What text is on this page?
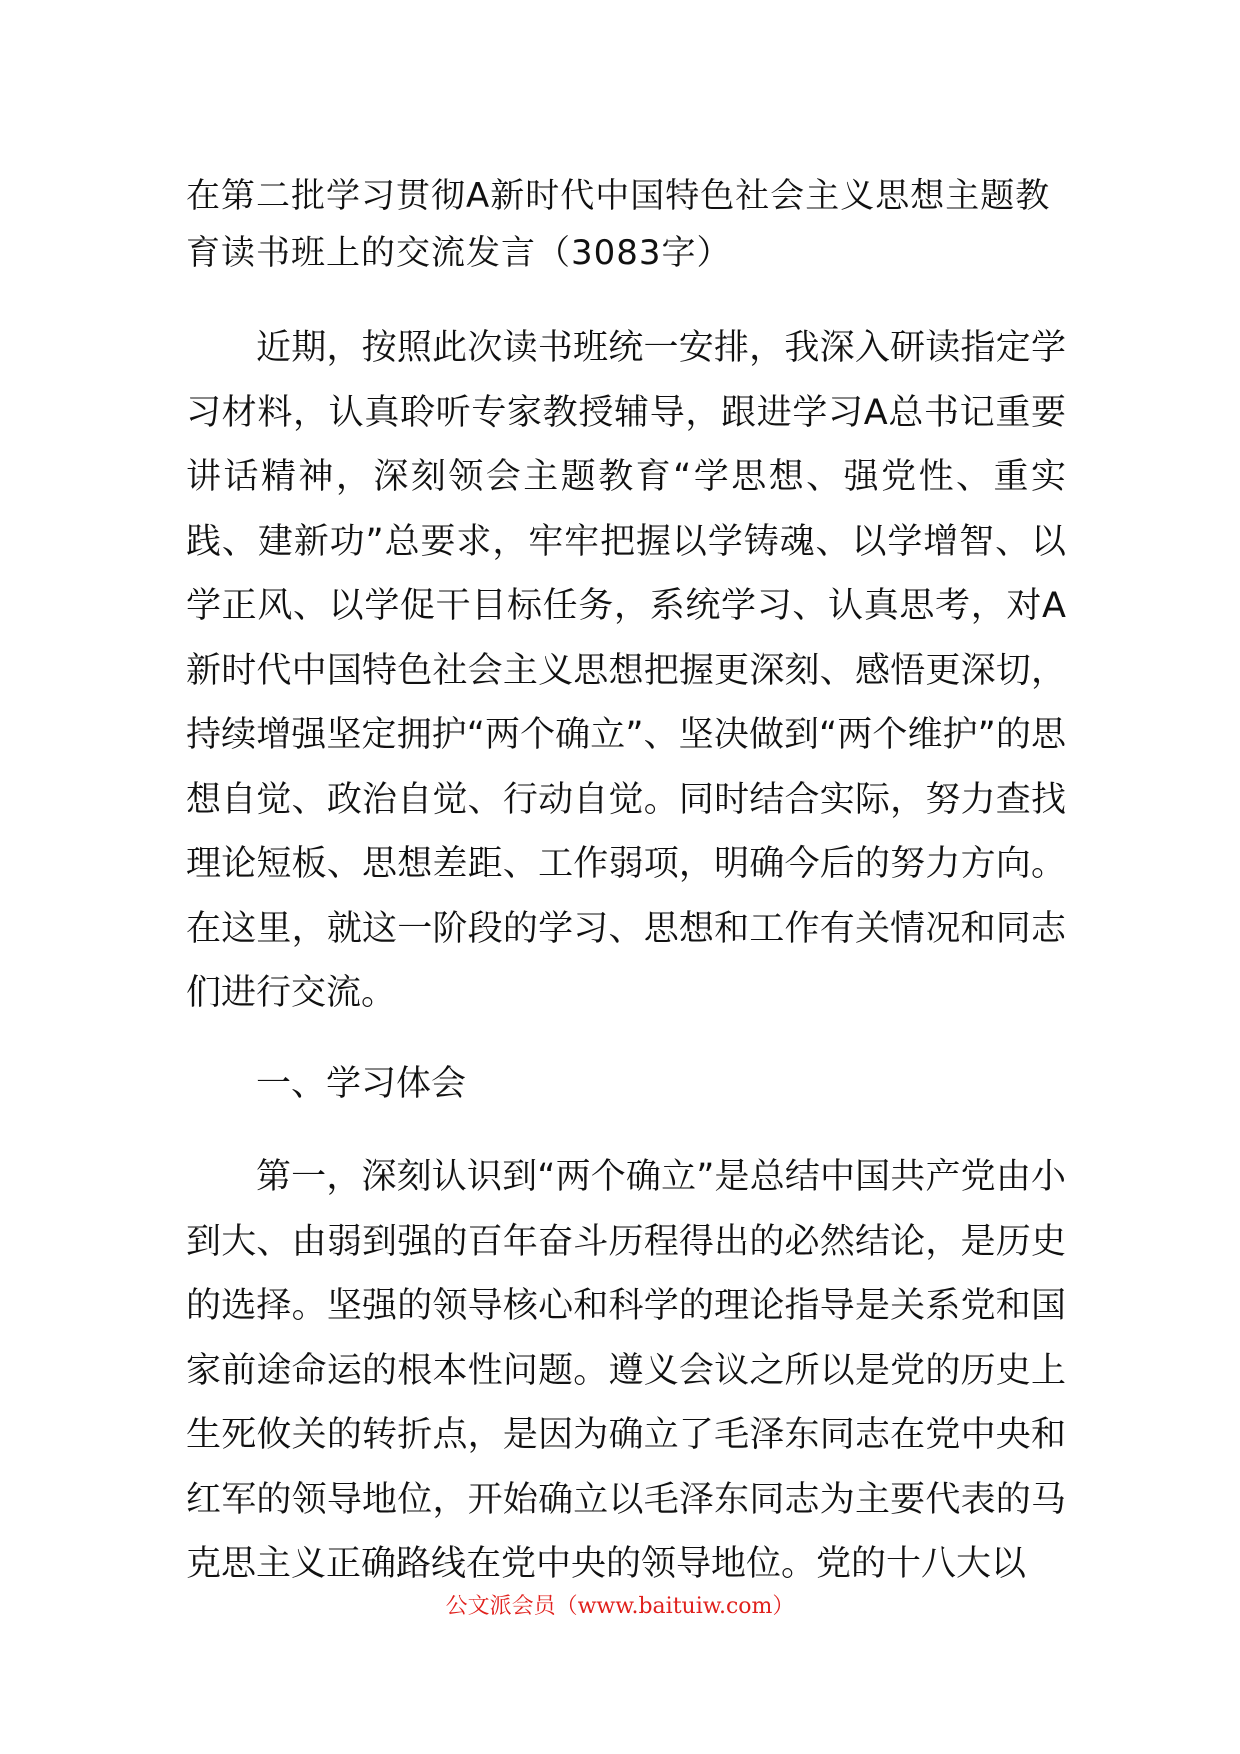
在第二批学习贯彻A新时代中国特色社会主义思想主题教育读书班上的交流发言（3083字）

近期，按照此次读书班统一安排，我深入研读指定学习材料，认真聆听专家教授辅导，跟进学习A总书记重要讲话精神，深刻领会主题教育“学思想、强党性、重实践、建新功”总要求，牢牢把握以学铸魂、以学增智、以学正风、以学促干目标任务，系统学习、认真思考，对A新时代中国特色社会主义思想把握更深刻、感悟更深切，持续增强坚定拥护“两个确立”、坚决做到“两个维护”的思想自觉、政治自觉、行动自觉。同时结合实际，努力查找理论短板、思想差距、工作弱项，明确今后的努力方向。在这里，就这一阶段的学习、思想和工作有关情况和同志们进行交流。

一、学习体会

第一，深刻认识到“两个确立”是总结中国共产党由小到大、由弱到强的百年奋斗历程得出的必然结论，是历史的选择。坚强的领导核心和科学的理论指导是关系党和国家前途命运的根本性问题。遵义会议之所以是党的历史上生死攸关的转折点，是因为确立了毛泽东同志在党中央和红军的领导地位，开始确立以毛泽东同志为主要代表的马克思主义正确路线在党中央的领导地位。党的十八大以

公文派会员（www.baituiw.com）
